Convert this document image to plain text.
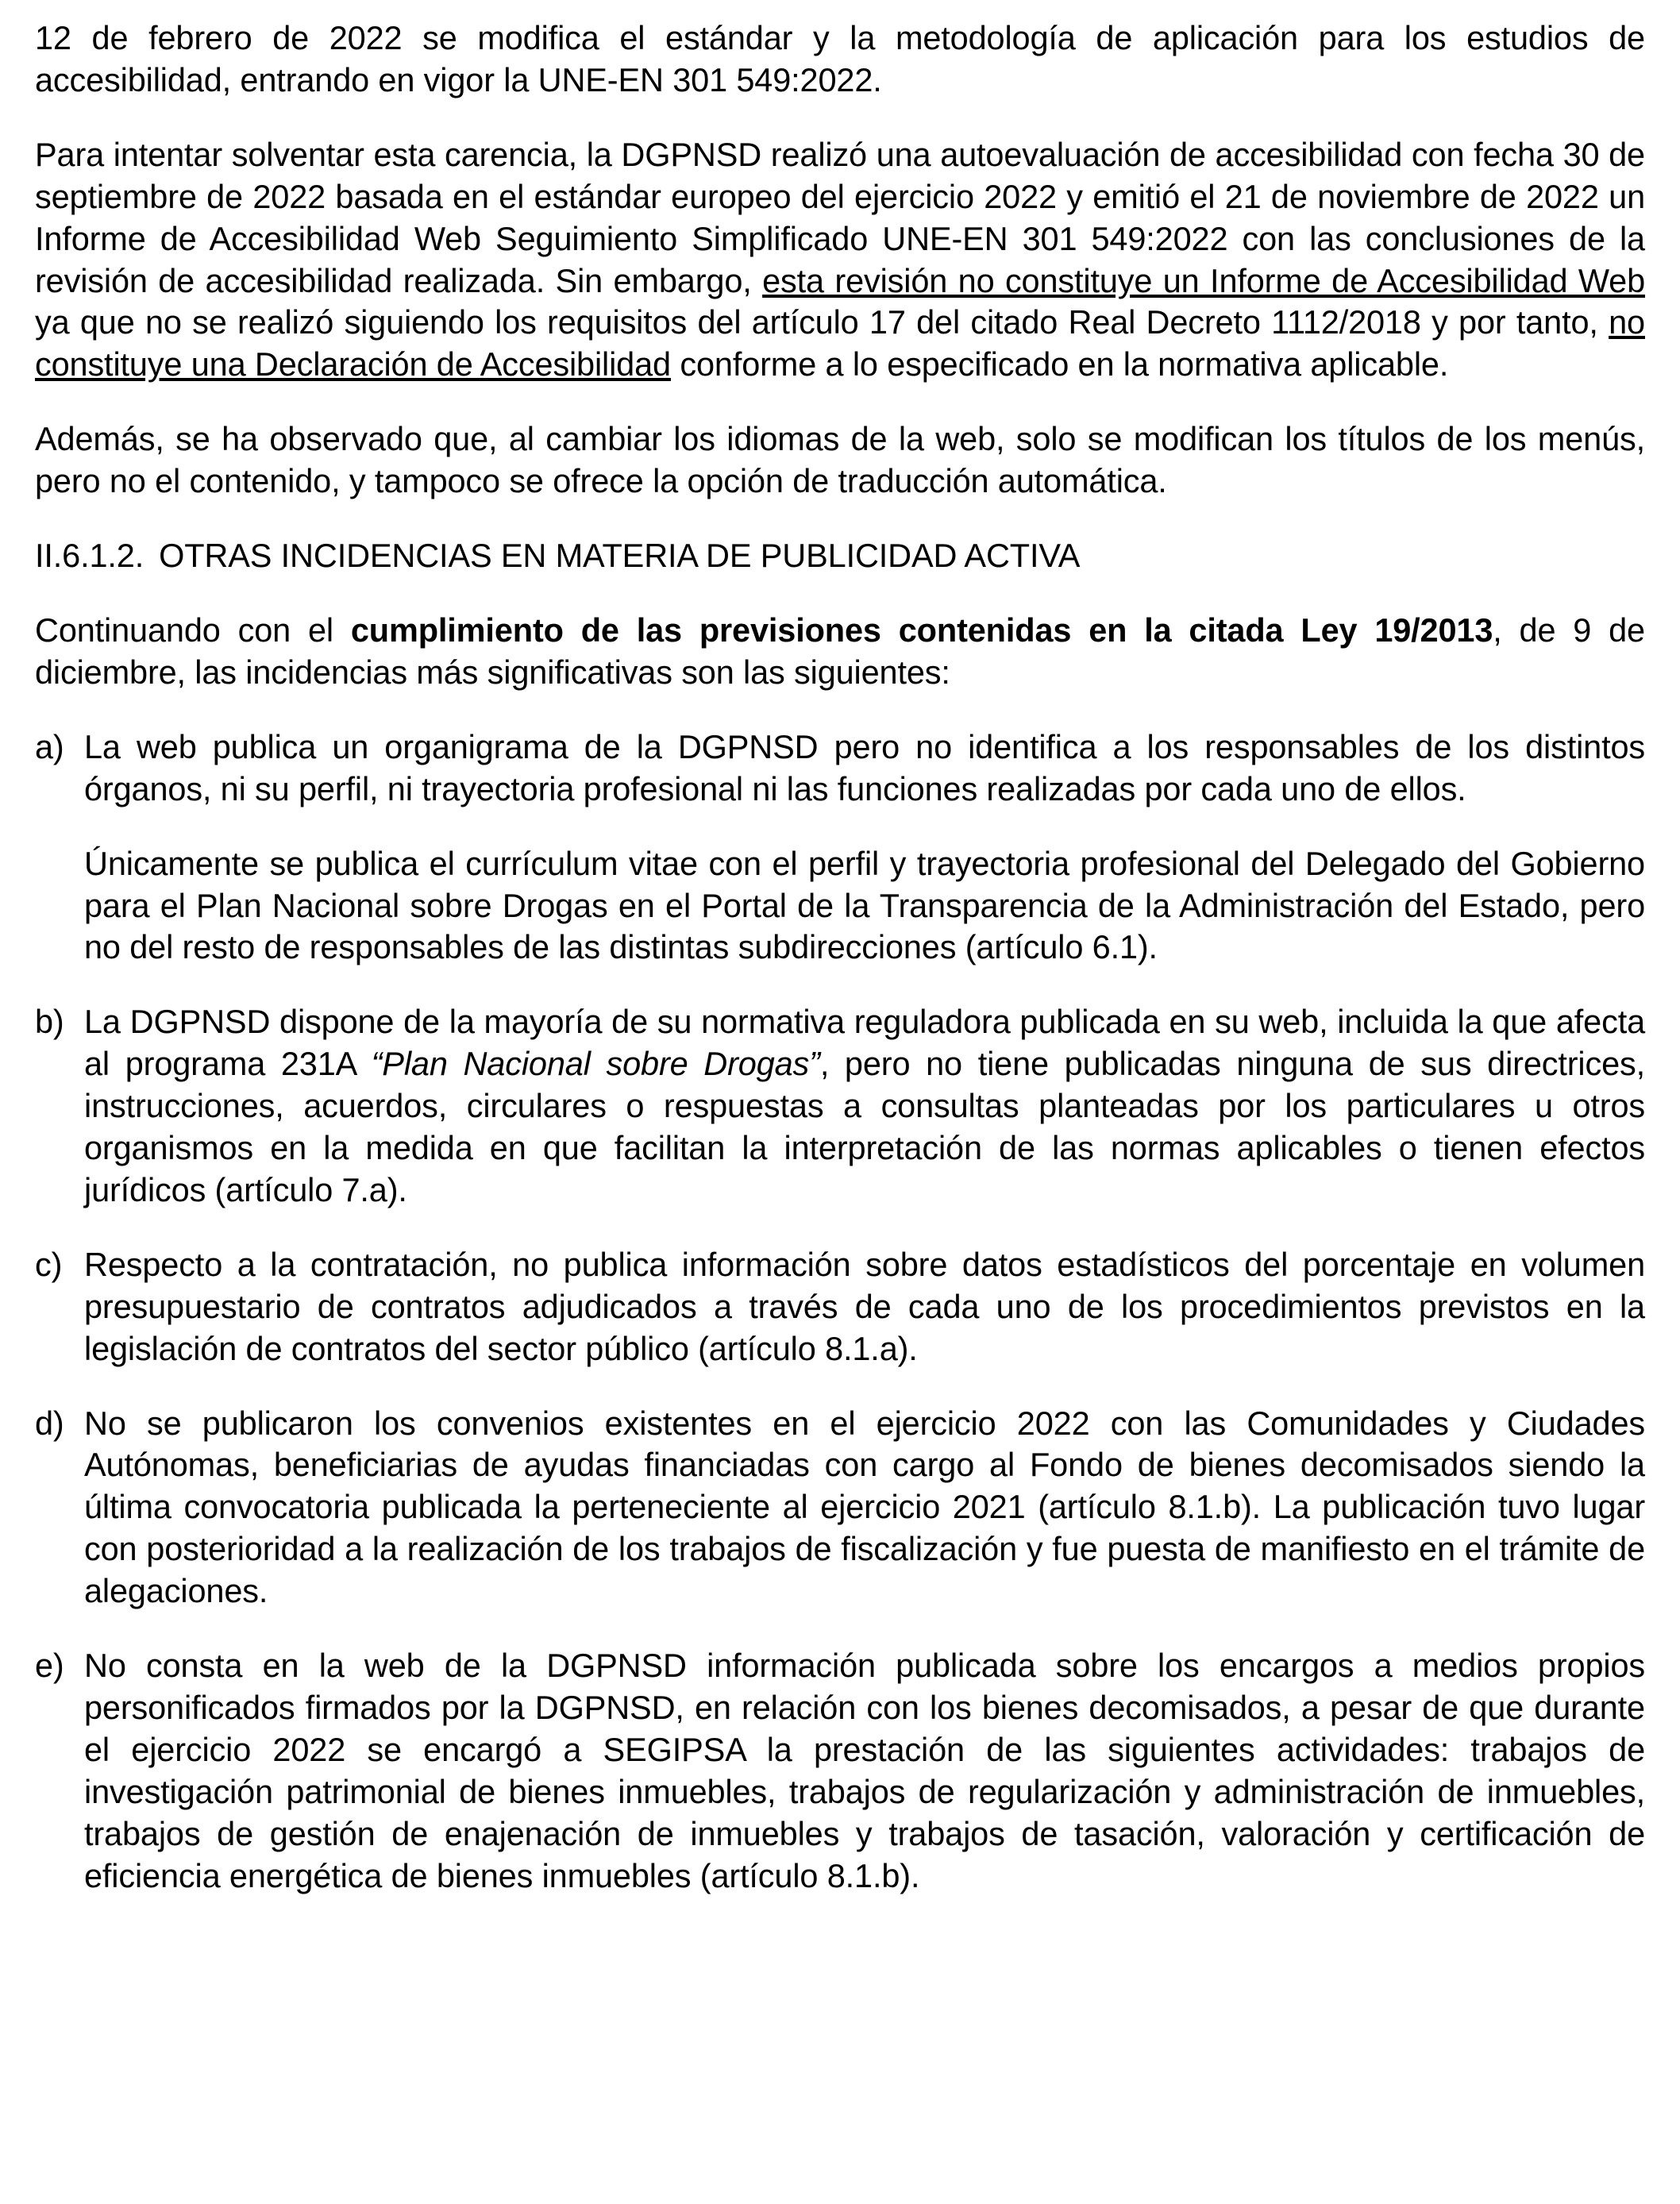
12 de febrero de 2022 se modifica el estándar y la metodología de aplicación para los estudios de accesibilidad, entrando en vigor la UNE-EN 301 549:2022.

Para intentar solventar esta carencia, la DGPNSD realizó una autoevaluación de accesibilidad con fecha 30 de septiembre de 2022 basada en el estándar europeo del ejercicio 2022 y emitió el 21 de noviembre de 2022 un Informe de Accesibilidad Web Seguimiento Simplificado UNE-EN 301 549:2022 con las conclusiones de la revisión de accesibilidad realizada. Sin embargo, esta revisión no constituye un Informe de Accesibilidad Web ya que no se realizó siguiendo los requisitos del artículo 17 del citado Real Decreto 1112/2018 y por tanto, no constituye una Declaración de Accesibilidad conforme a lo especificado en la normativa aplicable.

Además, se ha observado que, al cambiar los idiomas de la web, solo se modifican los títulos de los menús, pero no el contenido, y tampoco se ofrece la opción de traducción automática.

II.6.1.2. OTRAS INCIDENCIAS EN MATERIA DE PUBLICIDAD ACTIVA

Continuando con el cumplimiento de las previsiones contenidas en la citada Ley 19/2013, de 9 de diciembre, las incidencias más significativas son las siguientes:

a) La web publica un organigrama de la DGPNSD pero no identifica a los responsables de los distintos órganos, ni su perfil, ni trayectoria profesional ni las funciones realizadas por cada uno de ellos.

Únicamente se publica el currículum vitae con el perfil y trayectoria profesional del Delegado del Gobierno para el Plan Nacional sobre Drogas en el Portal de la Transparencia de la Administración del Estado, pero no del resto de responsables de las distintas subdirecciones (artículo 6.1).

b) La DGPNSD dispone de la mayoría de su normativa reguladora publicada en su web, incluida la que afecta al programa 231A “Plan Nacional sobre Drogas”, pero no tiene publicadas ninguna de sus directrices, instrucciones, acuerdos, circulares o respuestas a consultas planteadas por los particulares u otros organismos en la medida en que facilitan la interpretación de las normas aplicables o tienen efectos jurídicos (artículo 7.a).

c) Respecto a la contratación, no publica información sobre datos estadísticos del porcentaje en volumen presupuestario de contratos adjudicados a través de cada uno de los procedimientos previstos en la legislación de contratos del sector público (artículo 8.1.a).

d) No se publicaron los convenios existentes en el ejercicio 2022 con las Comunidades y Ciudades Autónomas, beneficiarias de ayudas financiadas con cargo al Fondo de bienes decomisados siendo la última convocatoria publicada la perteneciente al ejercicio 2021 (artículo 8.1.b). La publicación tuvo lugar con posterioridad a la realización de los trabajos de fiscalización y fue puesta de manifiesto en el trámite de alegaciones.

e) No consta en la web de la DGPNSD información publicada sobre los encargos a medios propios personificados firmados por la DGPNSD, en relación con los bienes decomisados, a pesar de que durante el ejercicio 2022 se encargó a SEGIPSA la prestación de las siguientes actividades: trabajos de investigación patrimonial de bienes inmuebles, trabajos de regularización y administración de inmuebles, trabajos de gestión de enajenación de inmuebles y trabajos de tasación, valoración y certificación de eficiencia energética de bienes inmuebles (artículo 8.1.b).
